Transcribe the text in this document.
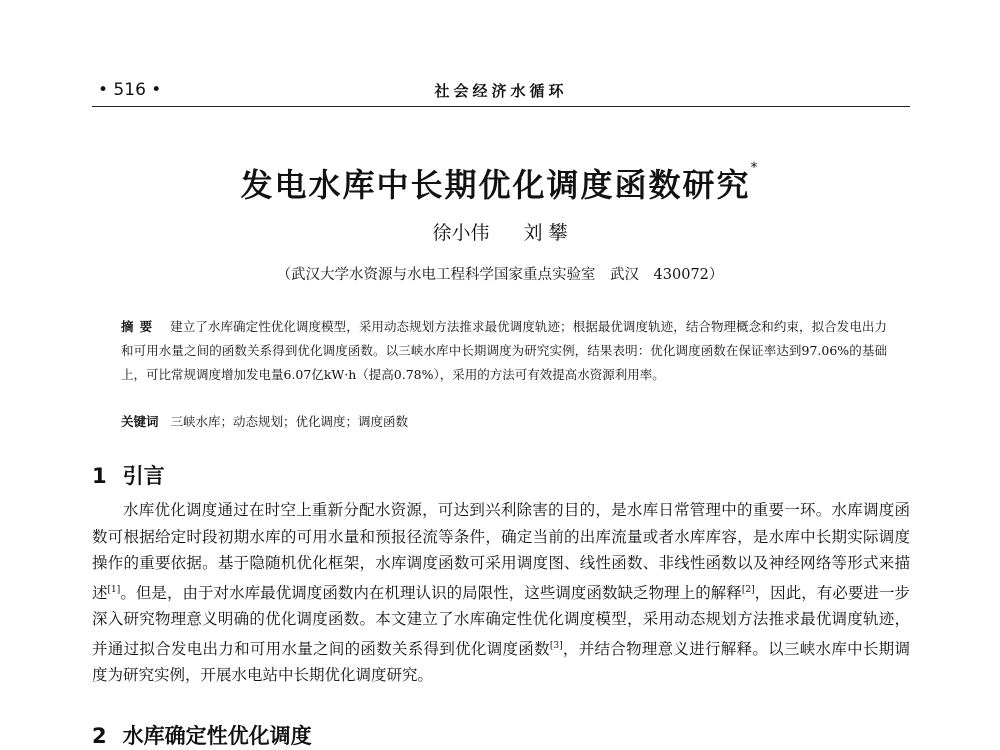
• 516 •	社会经济水循环
发电水库中长期优化调度函数研究*
徐小伟 刘 攀
（武汉大学水资源与水电工程科学国家重点实验室　武汉　430072）
摘要 建立了水库确定性优化调度模型，采用动态规划方法推求最优调度轨迹；根据最优调度轨迹，结合物理概念和约束，拟合发电出力和可用水量之间的函数关系得到优化调度函数。以三峡水库中长期调度为研究实例，结果表明：优化调度函数在保证率达到97.06%的基础上，可比常规调度增加发电量6.07亿kW·h（提高0.78%），采用的方法可有效提高水资源利用率。
关键词 三峡水库；动态规划；优化调度；调度函数
1 引言
水库优化调度通过在时空上重新分配水资源，可达到兴利除害的目的，是水库日常管理中的重要一环。水库调度函数可根据给定时段初期水库的可用水量和预报径流等条件，确定当前的出库流量或者水库库容，是水库中长期实际调度操作的重要依据。基于隐随机优化框架，水库调度函数可采用调度图、线性函数、非线性函数以及神经网络等形式来描述[1]。但是，由于对水库最优调度函数内在机理认识的局限性，这些调度函数缺乏物理上的解释[2]，因此，有必要进一步深入研究物理意义明确的优化调度函数。本文建立了水库确定性优化调度模型，采用动态规划方法推求最优调度轨迹，并通过拟合发电出力和可用水量之间的函数关系得到优化调度函数[3]，并结合物理意义进行解释。以三峡水库中长期调度为研究实例，开展水电站中长期优化调度研究。
2 水库确定性优化调度
